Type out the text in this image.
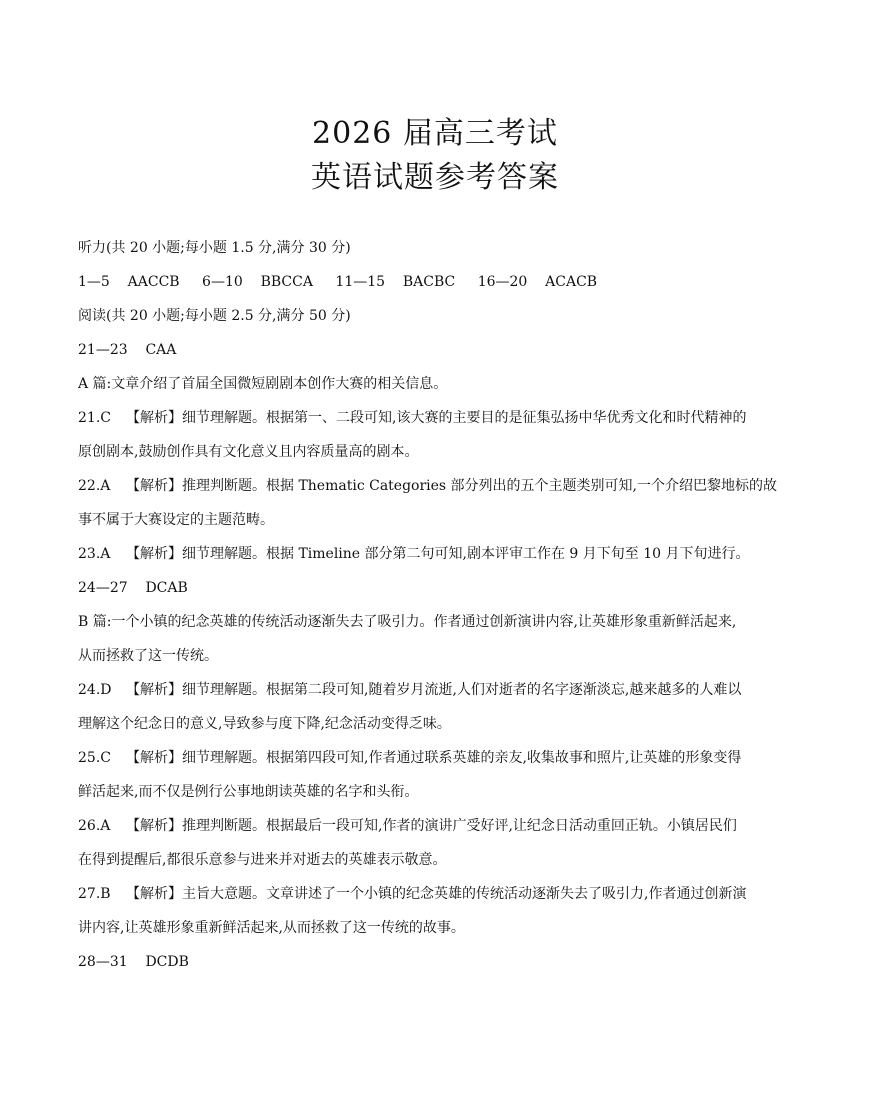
2026 届高三考试
英语试题参考答案
听力(共 20 小题;每小题 1.5 分,满分 30 分)
1—5 AACCB 6—10 BBCCA 11—15 BACBC 16—20 ACACB
阅读(共 20 小题;每小题 2.5 分,满分 50 分)
21—23 CAA
A 篇:文章介绍了首届全国微短剧剧本创作大赛的相关信息。
21.C 【解析】细节理解题。根据第一、二段可知,该大赛的主要目的是征集弘扬中华优秀文化和时代精神的
原创剧本,鼓励创作具有文化意义且内容质量高的剧本。
22.A 【解析】推理判断题。根据 Thematic Categories 部分列出的五个主题类别可知,一个介绍巴黎地标的故
事不属于大赛设定的主题范畴。
23.A 【解析】细节理解题。根据 Timeline 部分第二句可知,剧本评审工作在 9 月下旬至 10 月下旬进行。
24—27 DCAB
B 篇:一个小镇的纪念英雄的传统活动逐渐失去了吸引力。作者通过创新演讲内容,让英雄形象重新鲜活起来,
从而拯救了这一传统。
24.D 【解析】细节理解题。根据第二段可知,随着岁月流逝,人们对逝者的名字逐渐淡忘,越来越多的人难以
理解这个纪念日的意义,导致参与度下降,纪念活动变得乏味。
25.C 【解析】细节理解题。根据第四段可知,作者通过联系英雄的亲友,收集故事和照片,让英雄的形象变得
鲜活起来,而不仅是例行公事地朗读英雄的名字和头衔。
26.A 【解析】推理判断题。根据最后一段可知,作者的演讲广受好评,让纪念日活动重回正轨。小镇居民们
在得到提醒后,都很乐意参与进来并对逝去的英雄表示敬意。
27.B 【解析】主旨大意题。文章讲述了一个小镇的纪念英雄的传统活动逐渐失去了吸引力,作者通过创新演
讲内容,让英雄形象重新鲜活起来,从而拯救了这一传统的故事。
28—31 DCDB
